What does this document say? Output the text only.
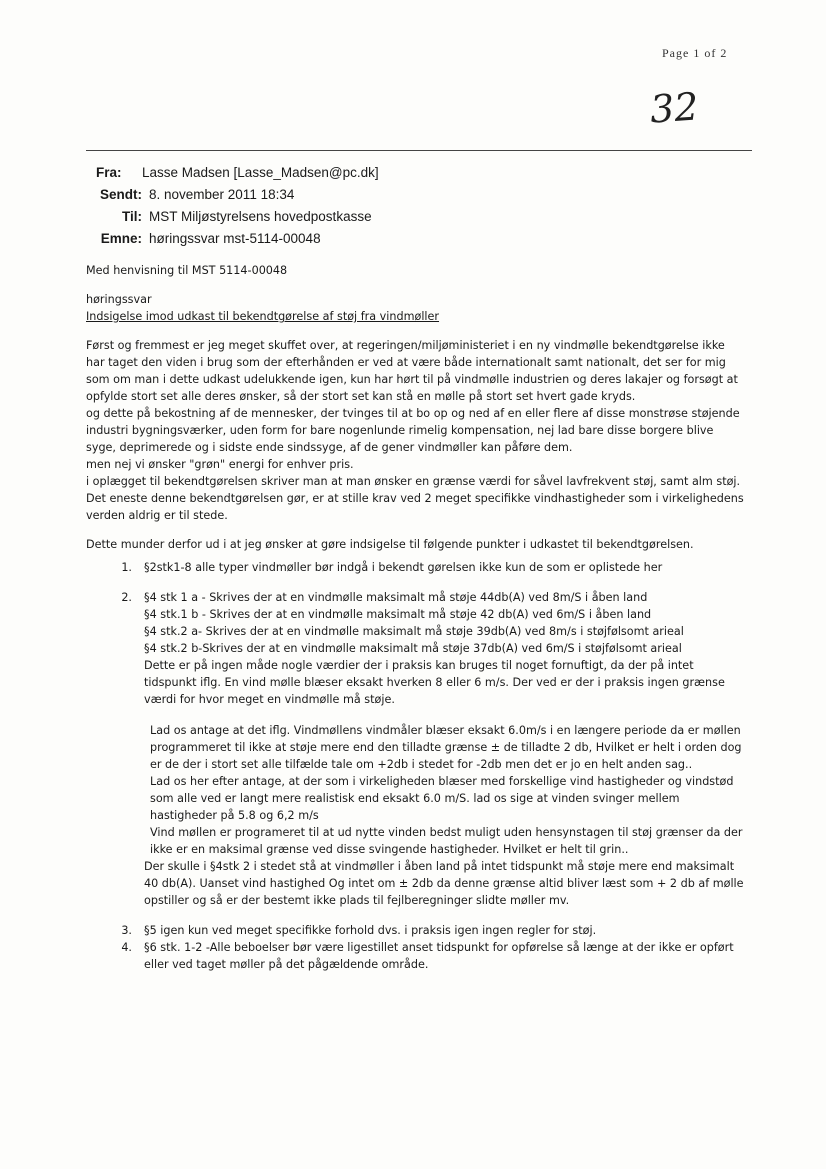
Page 1 of 2
32
Fra:	Lasse Madsen [Lasse_Madsen@pc.dk]
Sendt: 8. november 2011 18:34
Til: MST Miljøstyrelsens hovedpostkasse
Emne: høringssvar mst-5114-00048

Med henvisning til MST 5114-00048

høringssvar

Indsigelse imod udkast til bekendtgørelse af støj fra vindmøller

Først og fremmest er jeg meget skuffet over, at regeringen/miljøministeriet i en ny vindmølle bekendtgørelse ikke har taget den viden i brug som der efterhånden er ved at være både internationalt samt nationalt, det ser for mig som om man i dette udkast udelukkende igen, kun har hørt til på vindmølle industrien og deres lakajer og forsøgt at opfylde stort set alle deres ønsker, så der stort set kan stå en mølle på stort set hvert gade kryds.

og dette på bekostning af de mennesker, der tvinges til at bo op og ned af en eller flere af disse monstrøse støjende industri bygningsværker, uden form for bare nogenlunde rimelig kompensation, nej lad bare disse borgere blive syge, deprimerede og i sidste ende sindssyge, af de gener vindmøller kan påføre dem.

men nej vi ønsker "grøn" energi for enhver pris.

i oplægget til bekendtgørelsen skriver man at man ønsker en grænse værdi for såvel lavfrekvent støj, samt alm støj.

Det eneste denne bekendtgørelsen gør, er at stille krav ved 2 meget specifikke vindhastigheder som i virkelighedens verden aldrig er til stede.

Dette munder derfor ud i at jeg ønsker at gøre indsigelse til følgende punkter i udkastet til bekendtgørelsen.

1.	§2stk1-8 alle typer vindmøller bør indgå i bekendt gørelsen ikke kun de som er oplistede her
2.	§4 stk 1 a - Skrives der at en vindmølle maksimalt må støje 44db(A) ved 8m/S i åben land

§4 stk.1 b - Skrives der at en vindmølle maksimalt må støje 42 db(A) ved 6m/S i åben land

§4 stk.2 a- Skrives der at en vindmølle maksimalt må støje 39db(A) ved 8m/s i støjfølsomt arieal

§4 stk.2 b-Skrives der at en vindmølle maksimalt må støje 37db(A) ved 6m/S i støjfølsomt arieal

Dette er på ingen måde nogle værdier der i praksis kan bruges til noget fornuftigt, da der på intet tidspunkt iflg. En vind mølle blæser eksakt hverken 8 eller 6 m/s. Der ved er der i praksis ingen grænse værdi for hvor meget en vindmølle må støje.

Lad os antage at det iflg. Vindmøllens vindmåler blæser eksakt 6.0m/s i en længere periode da er møllen programmeret til ikke at støje mere end den tilladte grænse ± de tilladte 2 db, Hvilket er helt i orden dog er de der i stort set alle tilfælde tale om +2db i stedet for -2db men det er jo en helt anden sag..

Lad os her efter antage, at der som i virkeligheden blæser med forskellige vind hastigheder og vindstød som alle ved er langt mere realistisk end eksakt 6.0 m/S. lad os sige at vinden svinger mellem hastigheder på 5.8 og 6,2 m/s

Vind møllen er programeret til at ud nytte vinden bedst muligt uden hensynstagen til støj grænser da der ikke er en maksimal grænse ved disse svingende hastigheder. Hvilket er helt til grin..

Der skulle i §4stk 2 i stedet stå at vindmøller i åben land på intet tidspunkt må støje mere end maksimalt 40 db(A). Uanset vind hastighed Og intet om ± 2db da denne grænse altid bliver læst som + 2 db af mølle opstiller og så er der bestemt ikke plads til fejlberegninger slidte møller mv.

3.	§5 igen kun ved meget specifikke forhold dvs. i praksis igen ingen regler for støj.
4.	§6 stk. 1-2 -Alle beboelser bør være ligestillet anset tidspunkt for opførelse så længe at der ikke er opført eller ved taget møller på det pågældende område.
